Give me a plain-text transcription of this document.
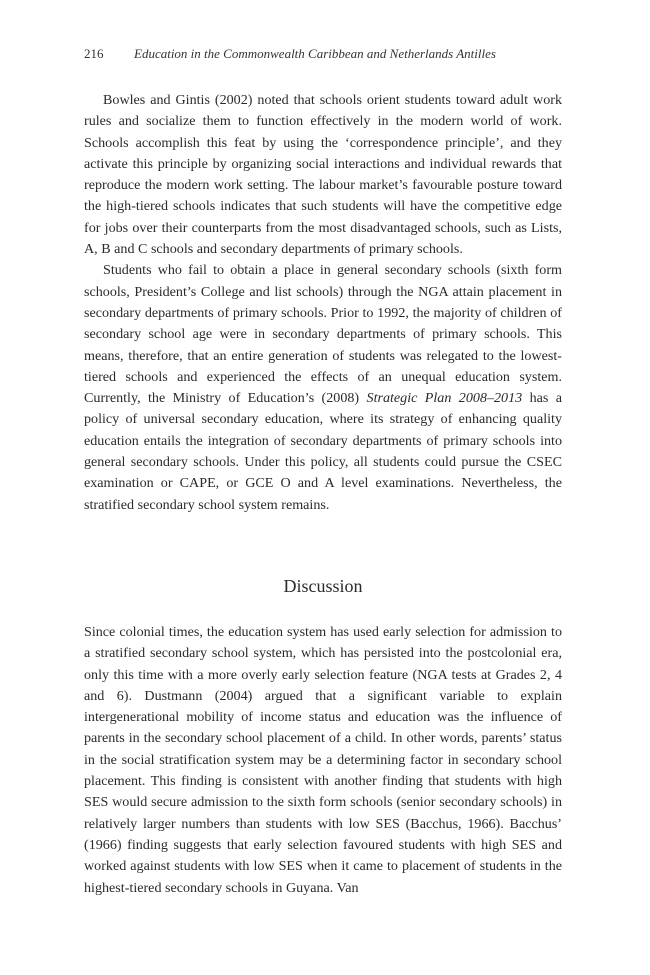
216 Education in the Commonwealth Caribbean and Netherlands Antilles

Bowles and Gintis (2002) noted that schools orient students toward adult work rules and socialize them to function effectively in the modern world of work. Schools accomplish this feat by using the ‘correspondence principle’, and they activate this principle by organizing social interactions and individual rewards that reproduce the modern work setting. The labour market’s favourable posture toward the high-tiered schools indicates that such students will have the competitive edge for jobs over their counterparts from the most disadvantaged schools, such as Lists, A, B and C schools and secondary departments of primary schools.

Students who fail to obtain a place in general secondary schools (sixth form schools, President’s College and list schools) through the NGA attain placement in secondary departments of primary schools. Prior to 1992, the majority of children of secondary school age were in secondary departments of primary schools. This means, therefore, that an entire generation of students was relegated to the lowest-tiered schools and experienced the effects of an unequal education system. Currently, the Ministry of Education’s (2008) Strategic Plan 2008–2013 has a policy of universal secondary education, where its strategy of enhancing quality education entails the integration of secondary departments of primary schools into general secondary schools. Under this policy, all students could pursue the CSEC examination or CAPE, or GCE O and A level examinations. Nevertheless, the stratified secondary school system remains.

Discussion

Since colonial times, the education system has used early selection for admission to a stratified secondary school system, which has persisted into the postcolonial era, only this time with a more overly early selection feature (NGA tests at Grades 2, 4 and 6). Dustmann (2004) argued that a significant variable to explain intergenerational mobility of income status and education was the influence of parents in the secondary school placement of a child. In other words, parents’ status in the social stratification system may be a determining factor in secondary school placement. This finding is consistent with another finding that students with high SES would secure admission to the sixth form schools (senior secondary schools) in relatively larger numbers than students with low SES (Bacchus, 1966). Bacchus’ (1966) finding suggests that early selection favoured students with high SES and worked against students with low SES when it came to placement of students in the highest-tiered secondary schools in Guyana. Van
